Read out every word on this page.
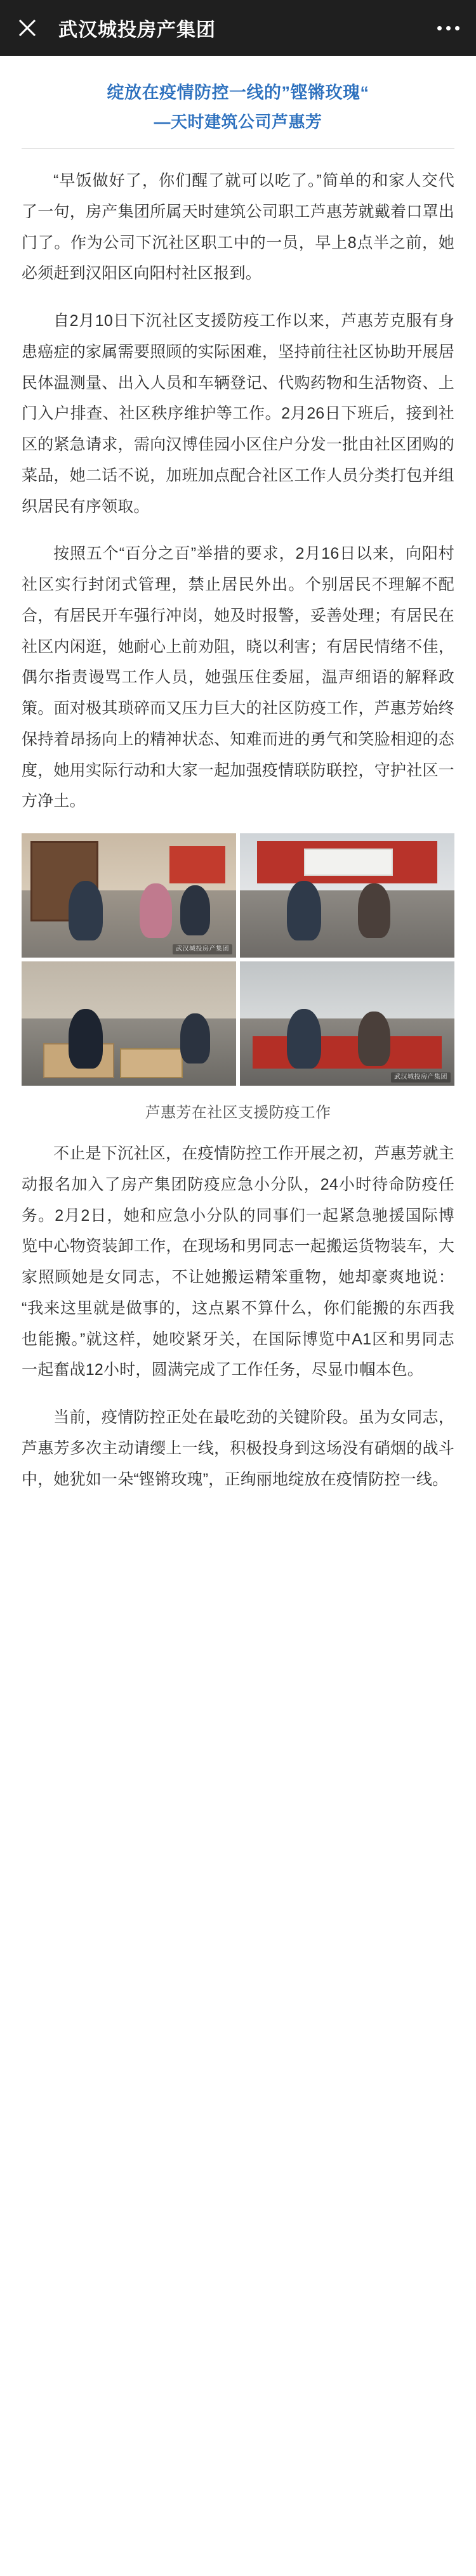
武汉城投房产集团
绽放在疫情防控一线的”铿锵玫瑰“
—天时建筑公司芦惠芳

“早饭做好了，你们醒了就可以吃了。”简单的和家人交代了一句，房产集团所属天时建筑公司职工芦惠芳就戴着口罩出门了。作为公司下沉社区职工中的一员，早上8点半之前，她必须赶到汉阳区向阳村社区报到。

自2月10日下沉社区支援防疫工作以来，芦惠芳克服有身患癌症的家属需要照顾的实际困难，坚持前往社区协助开展居民体温测量、出入人员和车辆登记、代购药物和生活物资、上门入户排查、社区秩序维护等工作。2月26日下班后，接到社区的紧急请求，需向汉博佳园小区住户分发一批由社区团购的菜品，她二话不说，加班加点配合社区工作人员分类打包并组织居民有序领取。

按照五个“百分之百”举措的要求，2月16日以来，向阳村社区实行封闭式管理，禁止居民外出。个别居民不理解不配合，有居民开车强行冲岗，她及时报警，妥善处理；有居民在社区内闲逛，她耐心上前劝阻，晓以利害；有居民情绪不佳，偶尔指责谩骂工作人员，她强压住委屈，温声细语的解释政策。面对极其琐碎而又压力巨大的社区防疫工作，芦惠芳始终保持着昂扬向上的精神状态、知难而进的勇气和笑脸相迎的态度，她用实际行动和大家一起加强疫情联防联控，守护社区一方净土。

武汉城投房产集团
武汉城投房产集团
芦惠芳在社区支援防疫工作

不止是下沉社区，在疫情防控工作开展之初，芦惠芳就主动报名加入了房产集团防疫应急小分队，24小时待命防疫任务。2月2日，她和应急小分队的同事们一起紧急驰援国际博览中心物资装卸工作，在现场和男同志一起搬运货物装车，大家照顾她是女同志，不让她搬运精笨重物，她却豪爽地说：“我来这里就是做事的，这点累不算什么，你们能搬的东西我也能搬。”就这样，她咬紧牙关，在国际博览中A1区和男同志一起奮战12小时，圆满完成了工作任务，尽显巾帼本色。

当前，疫情防控正处在最吃劲的关键阶段。虽为女同志，芦惠芳多次主动请缨上一线，积极投身到这场没有硝烟的战斗中，她犹如一朵“铿锵玫瑰”，正绚丽地绽放在疫情防控一线。
